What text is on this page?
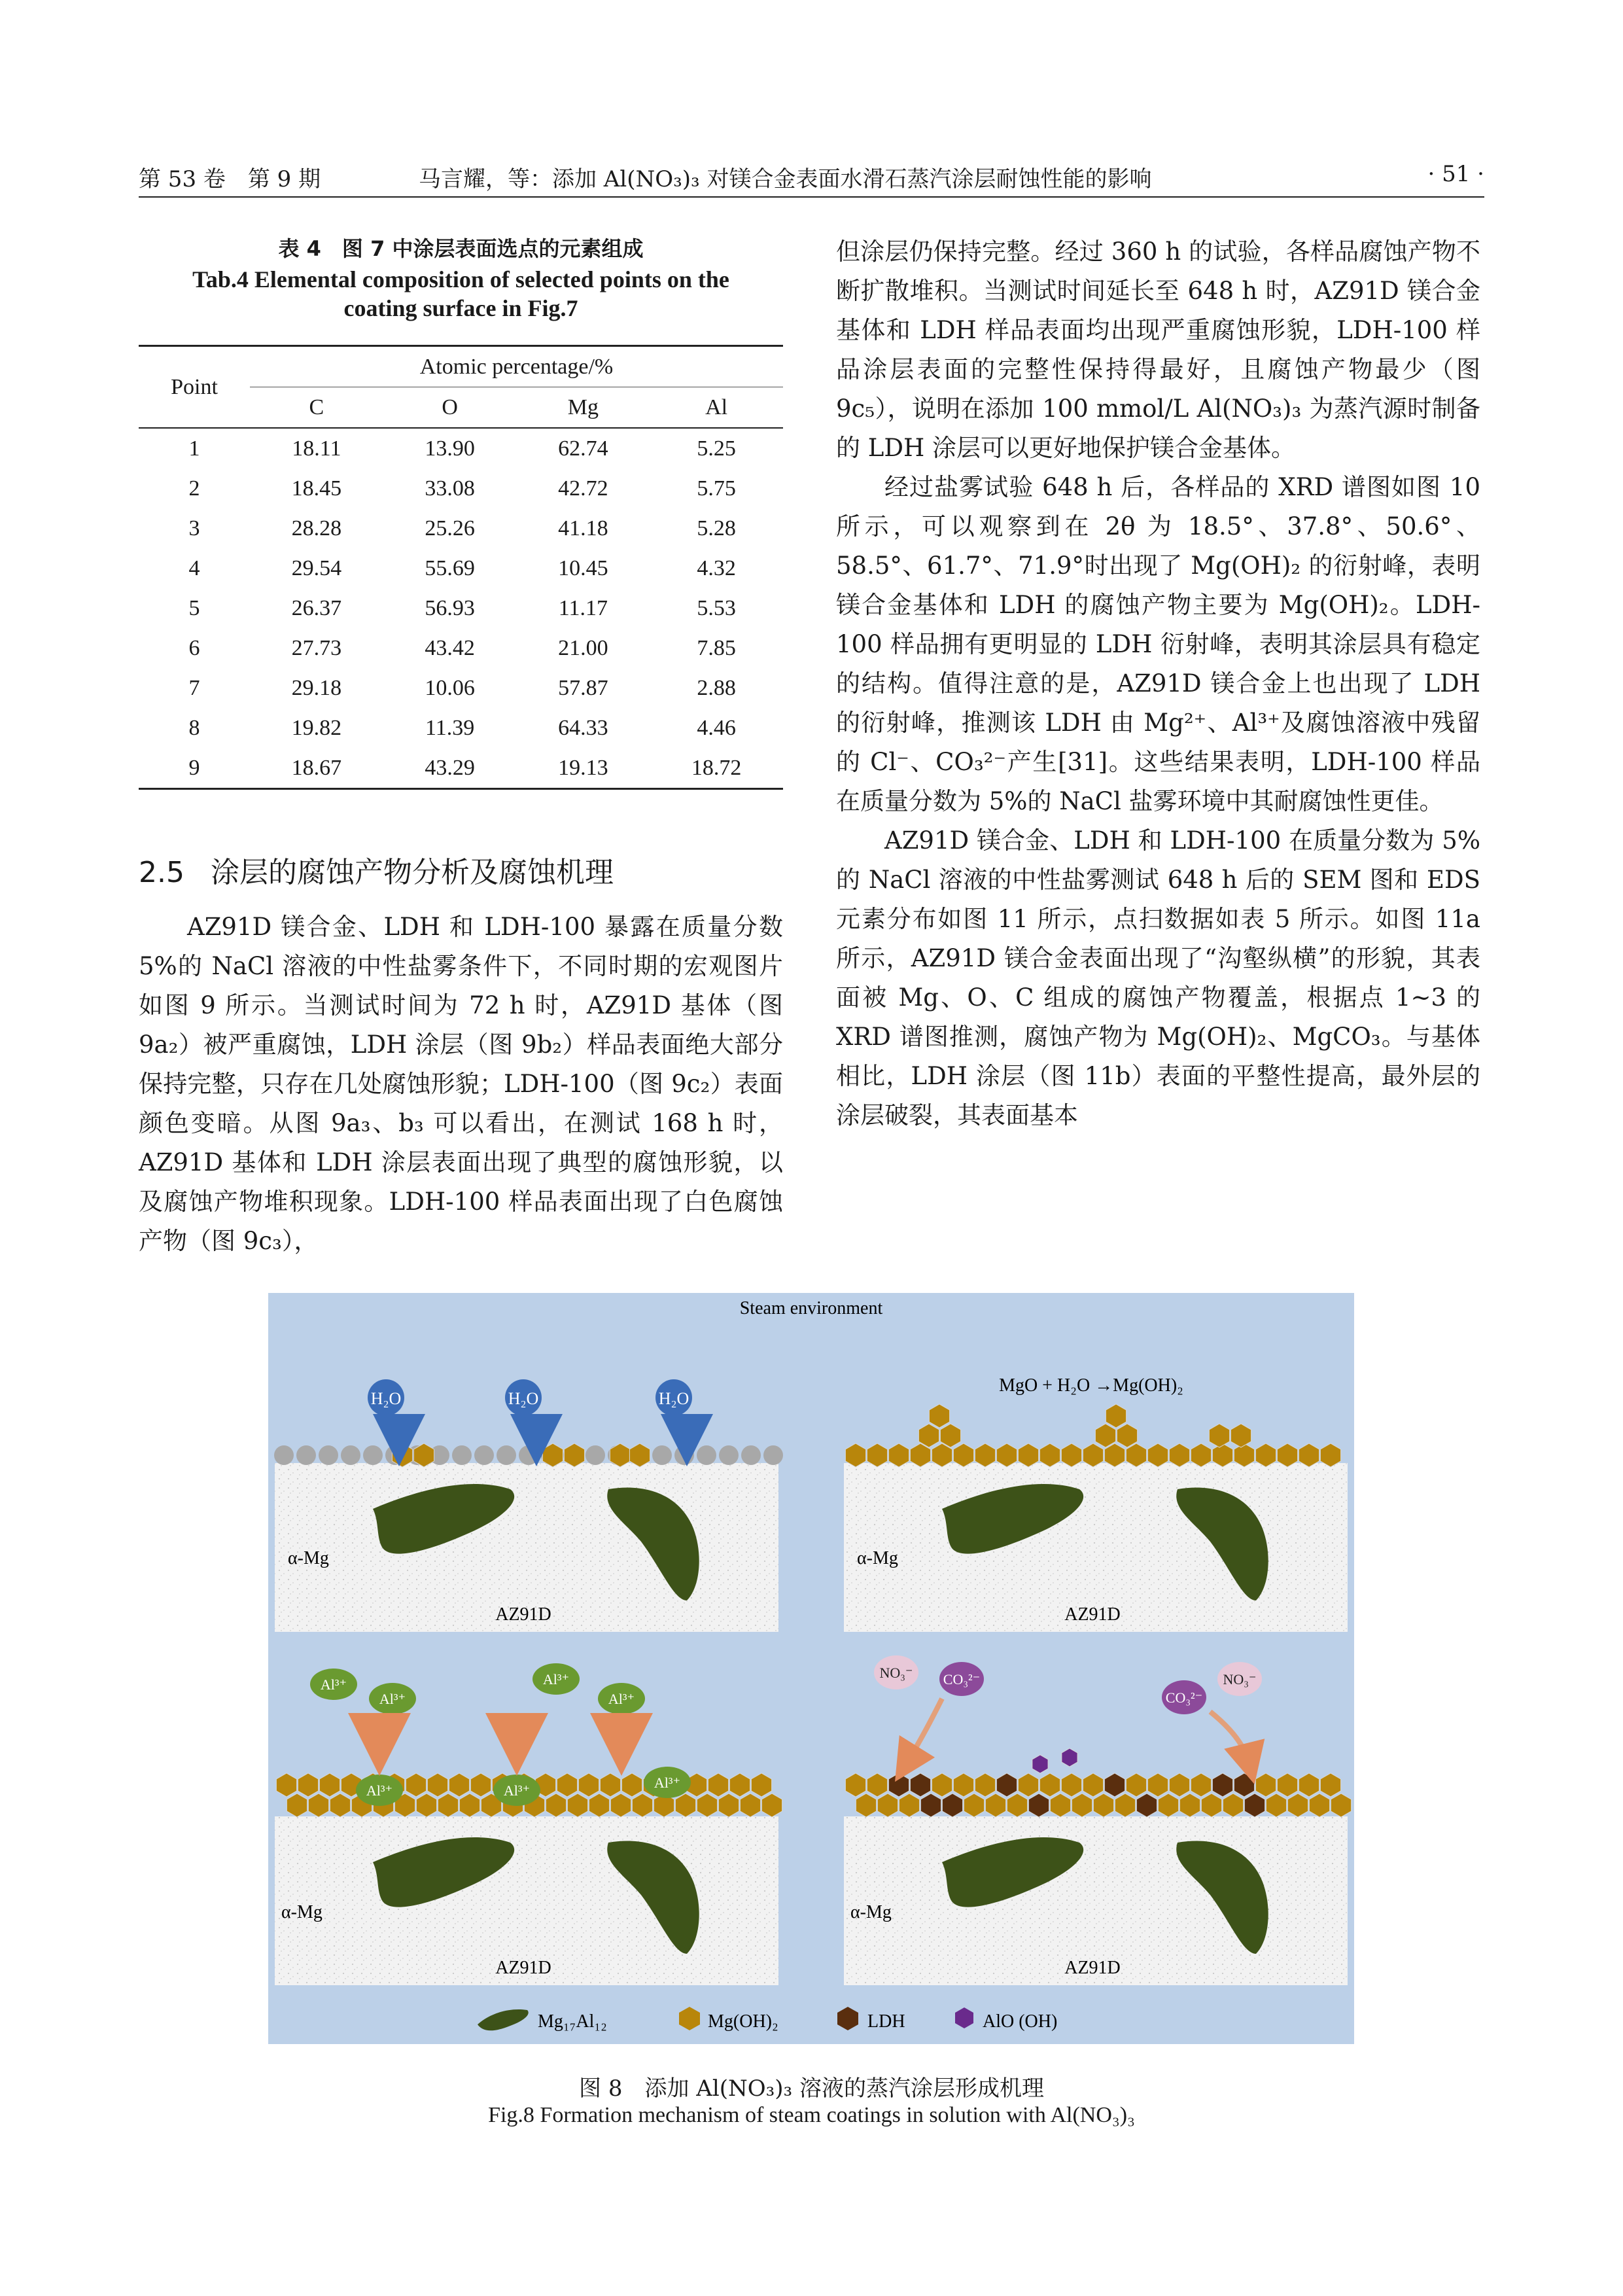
第 53 卷　第 9 期	马言耀，等：添加 Al(NO₃)₃ 对镁合金表面水滑石蒸汽涂层耐蚀性能的影响	· 51 ·

表 4　图 7 中涂层表面选点的元素组成

Tab.4 Elemental composition of selected points on the coating surface in Fig.7

Point	Atomic percentage/%			
	C	O	Mg	Al
1	18.11	13.90	62.74	5.25
2	18.45	33.08	42.72	5.75
3	28.28	25.26	41.18	5.28
4	29.54	55.69	10.45	4.32
5	26.37	56.93	11.17	5.53
6	27.73	43.42	21.00	7.85
7	29.18	10.06	57.87	2.88
8	19.82	11.39	64.33	4.46
9	18.67	43.29	19.13	18.72
2.5 涂层的腐蚀产物分析及腐蚀机理

AZ91D 镁合金、LDH 和 LDH-100 暴露在质量分数 5%的 NaCl 溶液的中性盐雾条件下，不同时期的宏观图片如图 9 所示。当测试时间为 72 h 时，AZ91D 基体（图 9a₂）被严重腐蚀，LDH 涂层（图 9b₂）样品表面绝大部分保持完整，只存在几处腐蚀形貌；LDH-100（图 9c₂）表面颜色变暗。从图 9a₃、b₃ 可以看出，在测试 168 h 时，AZ91D 基体和 LDH 涂层表面出现了典型的腐蚀形貌，以及腐蚀产物堆积现象。LDH-100 样品表面出现了白色腐蚀产物（图 9c₃），

但涂层仍保持完整。经过 360 h 的试验，各样品腐蚀产物不断扩散堆积。当测试时间延长至 648 h 时，AZ91D 镁合金基体和 LDH 样品表面均出现严重腐蚀形貌，LDH-100 样品涂层表面的完整性保持得最好，且腐蚀产物最少（图 9c₅），说明在添加 100 mmol/L Al(NO₃)₃ 为蒸汽源时制备的 LDH 涂层可以更好地保护镁合金基体。

经过盐雾试验 648 h 后，各样品的 XRD 谱图如图 10 所示，可以观察到在 2θ 为 18.5°、37.8°、50.6°、58.5°、61.7°、71.9°时出现了 Mg(OH)₂ 的衍射峰，表明镁合金基体和 LDH 的腐蚀产物主要为 Mg(OH)₂。LDH-100 样品拥有更明显的 LDH 衍射峰，表明其涂层具有稳定的结构。值得注意的是，AZ91D 镁合金上也出现了 LDH 的衍射峰，推测该 LDH 由 Mg²⁺、Al³⁺及腐蚀溶液中残留的 Cl⁻、CO₃²⁻产生[31]。这些结果表明，LDH-100 样品在质量分数为 5%的 NaCl 盐雾环境中其耐腐蚀性更佳。

AZ91D 镁合金、LDH 和 LDH-100 在质量分数为 5%的 NaCl 溶液的中性盐雾测试 648 h 后的 SEM 图和 EDS 元素分布如图 11 所示，点扫数据如表 5 所示。如图 11a 所示，AZ91D 镁合金表面出现了“沟壑纵横”的形貌，其表面被 Mg、O、C 组成的腐蚀产物覆盖，根据点 1~3 的 XRD 谱图推测，腐蚀产物为 Mg(OH)₂、MgCO₃。与基体相比，LDH 涂层（图 11b）表面的平整性提高，最外层的涂层破裂，其表面基本

Steam environment
α-Mg
AZ91D
H₂O	H₂O	H₂O
MgO + H₂O →Mg(OH)₂
α-Mg
AZ91D
α-Mg
AZ91D
Al³⁺
Al³⁺
Al³⁺
Al³⁺
Al³⁺	Al³⁺	Al³⁺
α-Mg
AZ91D
NO₃⁻ CO₃²⁻
CO₃²⁻
NO₃⁻
Mg₁₇Al₁₂	Mg(OH)₂	LDH	AlO (OH)
图 8　添加 Al(NO₃)₃ 溶液的蒸汽涂层形成机理
Fig.8 Formation mechanism of steam coatings in solution with Al(NO₃)₃
